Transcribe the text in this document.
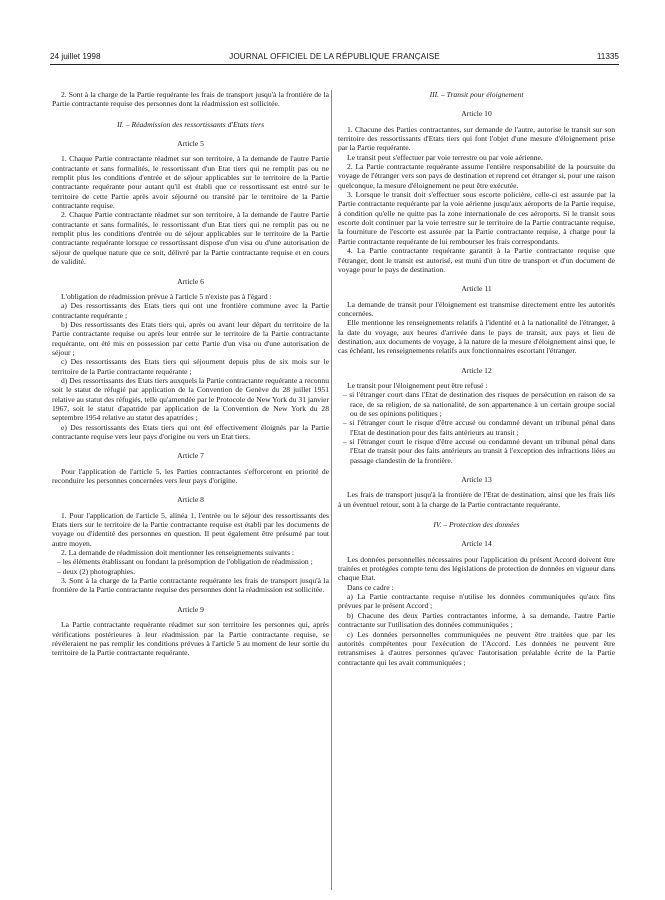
24 juillet 1998	JOURNAL OFFICIEL DE LA RÉPUBLIQUE FRANÇAISE	11335

2. Sont à la charge de la Partie requérante les frais de transport jusqu'à la frontière de la Partie contractante requise des personnes dont la réadmission est sollicitée.

II. – Réadmission des ressortissants d'Etats tiers

Article 5

1. Chaque Partie contractante réadmet sur son territoire, à la demande de l'autre Partie contractante et sans formalités, le ressortissant d'un Etat tiers qui ne remplit pas ou ne remplit plus les conditions d'entrée et de séjour applicables sur le territoire de la Partie contractante requérante pour autant qu'il est établi que ce ressortissant est entré sur le territoire de cette Partie après avoir séjourné ou transité par le territoire de la Partie contractante requise.

2. Chaque Partie contractante réadmet sur son territoire, à la demande de l'autre Partie contractante et sans formalités, le ressortissant d'un Etat tiers qui ne remplit pas ou ne remplit plus les conditions d'entrée ou de séjour applicables sur le territoire de la Partie contractante requérante lorsque ce ressortissant dispose d'un visa ou d'une autorisation de séjour de quelque nature que ce soit, délivré par la Partie contractante requise et en cours de validité.

Article 6

L'obligation de réadmission prévue à l'article 5 n'existe pas à l'égard :

a) Des ressortissants des Etats tiers qui ont une frontière commune avec la Partie contractante requérante ;

b) Des ressortissants des Etats tiers qui, après ou avant leur départ du territoire de la Partie contractante requise ou après leur entrée sur le territoire de la Partie contractante requérante, ont été mis en possession par cette Partie d'un visa ou d'une autorisation de séjour ;

c) Des ressortissants des Etats tiers qui séjournent depuis plus de six mois sur le territoire de la Partie contractante requérante ;

d) Des ressortissants des Etats tiers auxquels la Partie contractante requérante a reconnu soit le statut de réfugié par application de la Convention de Genève du 28 juillet 1951 relative au statut des réfugiés, telle qu'amendée par le Protocole de New York du 31 janvier 1967, soit le statut d'apatride par application de la Convention de New York du 28 septembre 1954 relative au statut des apatrides ;

e) Des ressortissants des Etats tiers qui ont été effectivement éloignés par la Partie contractante requise vers leur pays d'origine ou vers un Etat tiers.

Article 7

Pour l'application de l'article 5, les Parties contractantes s'efforceront en priorité de reconduire les personnes concernées vers leur pays d'origine.

Article 8

1. Pour l'application de l'article 5, alinéa 1, l'entrée ou le séjour des ressortissants des Etats tiers sur le territoire de la Partie contractante requise est établi par les documents de voyage ou d'identité des personnes en question. Il peut également être présumé par tout autre moyen.

2. La demande de réadmission doit mentionner les renseignements suivants :

– les éléments établissant ou fondant la présomption de l'obligation de réadmission ;

– deux (2) photographies.

3. Sont à la charge de la Partie contractante requérante les frais de transport jusqu'à la frontière de la Partie contractante requise des personnes dont la réadmission est sollicitée.

Article 9

La Partie contractante requérante réadmet sur son territoire les personnes qui, après vérifications postérieures à leur réadmission par la Partie contractante requise, se révéleraient ne pas remplir les conditions prévues à l'article 5 au moment de leur sortie du territoire de la Partie contractante requérante.

III. – Transit pour éloignement

Article 10

1. Chacune des Parties contractantes, sur demande de l'autre, autorise le transit sur son territoire des ressortissants d'Etats tiers qui font l'objet d'une mesure d'éloignement prise par la Partie requérante.

Le transit peut s'effectuer par voie terrestre ou par voie aérienne.

2. La Partie contractante requérante assume l'entière responsabilité de la poursuite du voyage de l'étranger vers son pays de destination et reprend cet étranger si, pour une raison quelconque, la mesure d'éloignement ne peut être exécutée.

3. Lorsque le transit doit s'effectuer sous escorte policière, celle-ci est assurée par la Partie contractante requérante par la voie aérienne jusqu'aux aéroports de la Partie requise, à condition qu'elle ne quitte pas la zone internationale de ces aéroports. Si le transit sous escorte doit continuer par la voie terrestre sur le territoire de la Partie contractante requise, la fourniture de l'escorte est assurée par la Partie contractante requise, à charge pour la Partie contractante requérante de lui rembourser les frais correspondants.

4. La Partie contractante requérante garantit à la Partie contractante requise que l'étranger, dont le transit est autorisé, est muni d'un titre de transport et d'un document de voyage pour le pays de destination.

Article 11

La demande de transit pour l'éloignement est transmise directement entre les autorités concernées.

Elle mentionne les renseignements relatifs à l'identité et à la nationalité de l'étranger, à la date du voyage, aux heures d'arrivée dans le pays de transit, aux pays et lieu de destination, aux documents de voyage, à la nature de la mesure d'éloignement ainsi que, le cas échéant, les renseignements relatifs aux fonctionnaires escortant l'étranger.

Article 12

Le transit pour l'éloignement peut être refusé :

– si l'étranger court dans l'Etat de destination des risques de persécution en raison de sa race, de sa religion, de sa nationalité, de son appartenance à un certain groupe social ou de ses opinions politiques ;

– si l'étranger court le risque d'être accusé ou condamné devant un tribunal pénal dans l'Etat de destination pour des faits antérieurs au transit ;

– si l'étranger court le risque d'être accusé ou condamné devant un tribunal pénal dans l'Etat de transit pour des faits antérieurs au transit à l'exception des infractions liées au passage clandestin de la frontière.

Article 13

Les frais de transport jusqu'à la frontière de l'Etat de destination, ainsi que les frais liés à un éventuel retour, sont à la charge de la Partie contractante requérante.

IV. – Protection des données

Article 14

Les données personnelles nécessaires pour l'application du présent Accord doivent être traitées et protégées compte tenu des législations de protection de données en vigueur dans chaque Etat.

Dans ce cadre :

a) La Partie contractante requise n'utilise les données communiquées qu'aux fins prévues par le présent Accord ;

b) Chacune des deux Parties contractantes informe, à sa demande, l'autre Partie contractante sur l'utilisation des données communiquées ;

c) Les données personnelles communiquées ne peuvent être traitées que par les autorités compétentes pour l'exécution de l'Accord. Les données ne peuvent être retransmises à d'autres personnes qu'avec l'autorisation préalable écrite de la Partie contractante qui les avait communiquées ;
